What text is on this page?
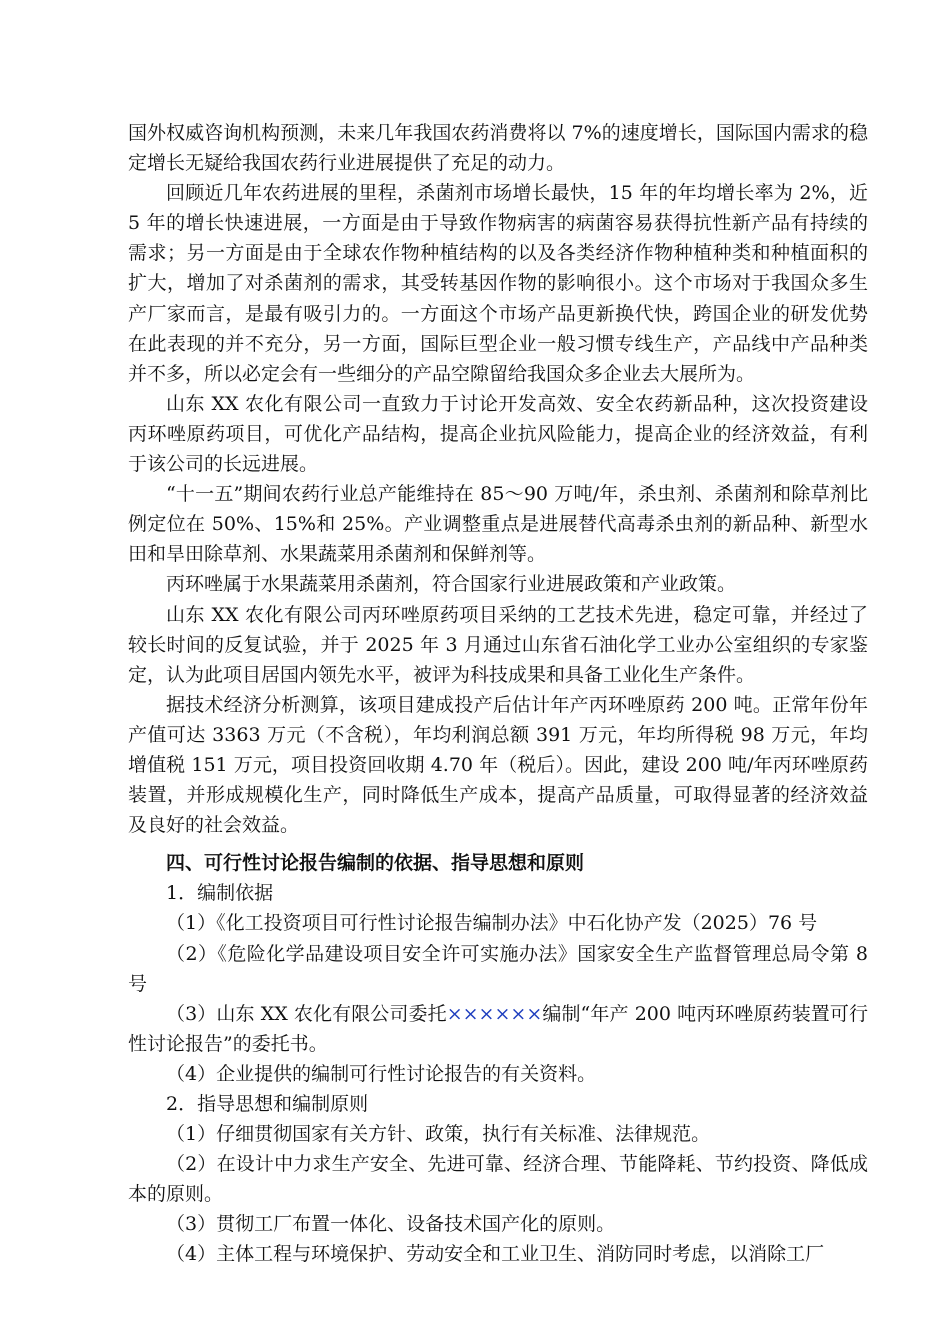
国外权威咨询机构预测，未来几年我国农药消费将以 7%的速度增长，国际国内需求的稳定增长无疑给我国农药行业进展提供了充足的动力。

回顾近几年农药进展的里程，杀菌剂市场增长最快，15 年的年均增长率为 2%，近 5 年的增长快速进展，一方面是由于导致作物病害的病菌容易获得抗性新产品有持续的需求；另一方面是由于全球农作物种植结构的以及各类经济作物种植种类和种植面积的扩大，增加了对杀菌剂的需求，其受转基因作物的影响很小。这个市场对于我国众多生产厂家而言，是最有吸引力的。一方面这个市场产品更新换代快，跨国企业的研发优势在此表现的并不充分，另一方面，国际巨型企业一般习惯专线生产，产品线中产品种类并不多，所以必定会有一些细分的产品空隙留给我国众多企业去大展所为。

山东 XX 农化有限公司一直致力于讨论开发高效、安全农药新品种，这次投资建设丙环唑原药项目，可优化产品结构，提高企业抗风险能力，提高企业的经济效益，有利于该公司的长远进展。

“十一五”期间农药行业总产能维持在 85～90 万吨/年，杀虫剂、杀菌剂和除草剂比例定位在 50%、15%和 25%。产业调整重点是进展替代高毒杀虫剂的新品种、新型水田和旱田除草剂、水果蔬菜用杀菌剂和保鲜剂等。

丙环唑属于水果蔬菜用杀菌剂，符合国家行业进展政策和产业政策。

山东 XX 农化有限公司丙环唑原药项目采纳的工艺技术先进，稳定可靠，并经过了较长时间的反复试验，并于 2025 年 3 月通过山东省石油化学工业办公室组织的专家鉴定，认为此项目居国内领先水平，被评为科技成果和具备工业化生产条件。

据技术经济分析测算，该项目建成投产后估计年产丙环唑原药 200 吨。正常年份年产值可达 3363 万元（不含税），年均利润总额 391 万元，年均所得税 98 万元，年均增值税 151 万元，项目投资回收期 4.70 年（税后）。因此，建设 200 吨/年丙环唑原药装置，并形成规模化生产，同时降低生产成本，提高产品质量，可取得显著的经济效益及良好的社会效益。

四、可行性讨论报告编制的依据、指导思想和原则

1．编制依据

（1）《化工投资项目可行性讨论报告编制办法》中石化协产发（2025）76 号

（2）《危险化学品建设项目安全许可实施办法》国家安全生产监督管理总局令第 8 号

（3）山东 XX 农化有限公司委托××××××编制“年产 200 吨丙环唑原药装置可行性讨论报告”的委托书。

（4）企业提供的编制可行性讨论报告的有关资料。

2．指导思想和编制原则

（1）仔细贯彻国家有关方针、政策，执行有关标准、法律规范。

（2）在设计中力求生产安全、先进可靠、经济合理、节能降耗、节约投资、降低成本的原则。

（3）贯彻工厂布置一体化、设备技术国产化的原则。

（4）主体工程与环境保护、劳动安全和工业卫生、消防同时考虑，以消除工厂
